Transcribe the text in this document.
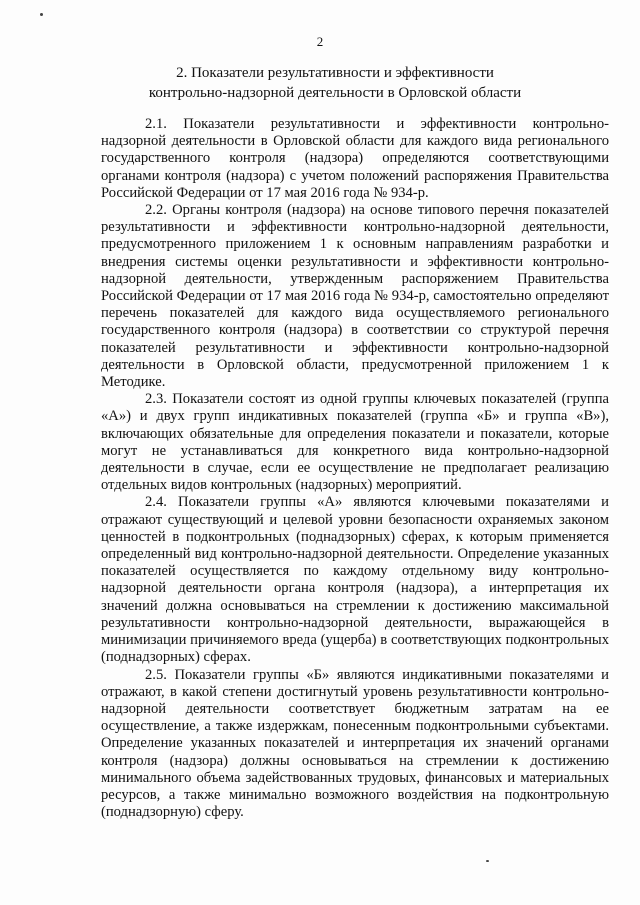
2
2. Показатели результативности и эффективности
контрольно-надзорной деятельности в Орловской области

2.1. Показатели результативности и эффективности контрольно-надзорной деятельности в Орловской области для каждого вида регионального государственного контроля (надзора) определяются соответствующими органами контроля (надзора) с учетом положений распоряжения Правительства Российской Федерации от 17 мая 2016 года № 934-р.

2.2. Органы контроля (надзора) на основе типового перечня показателей результативности и эффективности контрольно-надзорной деятельности, предусмотренного приложением 1 к основным направлениям разработки и внедрения системы оценки результативности и эффективности контрольно-надзорной деятельности, утвержденным распоряжением Правительства Российской Федерации от 17 мая 2016 года № 934-р, самостоятельно определяют перечень показателей для каждого вида осуществляемого регионального государственного контроля (надзора) в соответствии со структурой перечня показателей результативности и эффективности контрольно-надзорной деятельности в Орловской области, предусмотренной приложением 1 к Методике.

2.3. Показатели состоят из одной группы ключевых показателей (группа «А») и двух групп индикативных показателей (группа «Б» и группа «В»), включающих обязательные для определения показатели и показатели, которые могут не устанавливаться для конкретного вида контрольно-надзорной деятельности в случае, если ее осуществление не предполагает реализацию отдельных видов контрольных (надзорных) мероприятий.

2.4. Показатели группы «А» являются ключевыми показателями и отражают существующий и целевой уровни безопасности охраняемых законом ценностей в подконтрольных (поднадзорных) сферах, к которым применяется определенный вид контрольно-надзорной деятельности. Определение указанных показателей осуществляется по каждому отдельному виду контрольно-надзорной деятельности органа контроля (надзора), а интерпретация их значений должна основываться на стремлении к достижению максимальной результативности контрольно-надзорной деятельности, выражающейся в минимизации причиняемого вреда (ущерба) в соответствующих подконтрольных (поднадзорных) сферах.

2.5. Показатели группы «Б» являются индикативными показателями и отражают, в какой степени достигнутый уровень результативности контрольно-надзорной деятельности соответствует бюджетным затратам на ее осуществление, а также издержкам, понесенным подконтрольными субъектами. Определение указанных показателей и интерпретация их значений органами контроля (надзора) должны основываться на стремлении к достижению минимального объема задействованных трудовых, финансовых и материальных ресурсов, а также минимально возможного воздействия на подконтрольную (поднадзорную) сферу.
